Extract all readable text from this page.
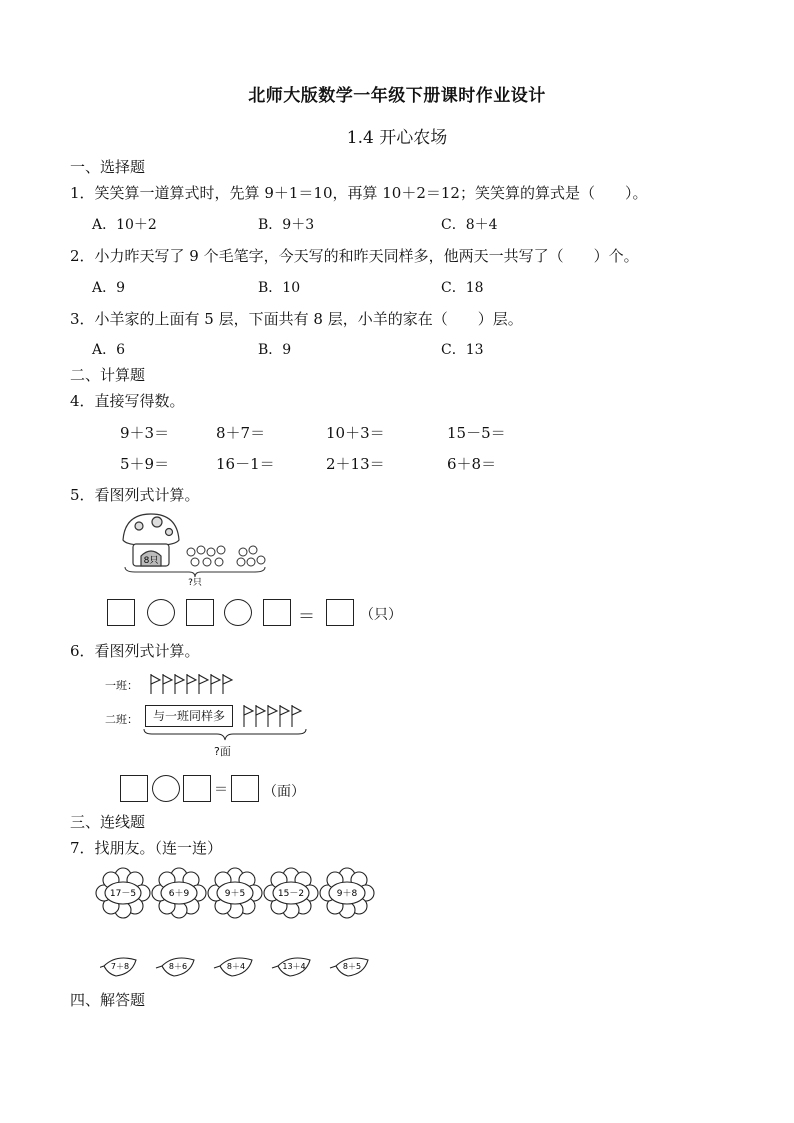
北师大版数学一年级下册课时作业设计
1.4 开心农场
一、选择题
1．笑笑算一道算式时，先算 9＋1＝10，再算 10＋2＝12；笑笑算的算式是（　　）。
A．10＋2	B．9＋3	C．8＋4
2．小力昨天写了 9 个毛笔字，今天写的和昨天同样多，他两天一共写了（　　）个。
A．9	B．10	C．18
3．小羊家的上面有 5 层，下面共有 8 层，小羊的家在（　　）层。
A．6	B．9	C．13
二、计算题
4．直接写得数。
9＋3＝	8＋7＝	10＋3＝	15－5＝
5＋9＝	16－1＝	2＋13＝	6＋8＝
5．看图列式计算。
8只
?只
＝	（只）
6．看图列式计算。
一班：
二班：	与一班同样多
?面
＝	（面）
三、连线题
7．找朋友。（连一连）
17－5	6＋9	9＋5	15－2	9＋8
7＋8	8＋6	8＋4	13＋4	8＋5
四、解答题
